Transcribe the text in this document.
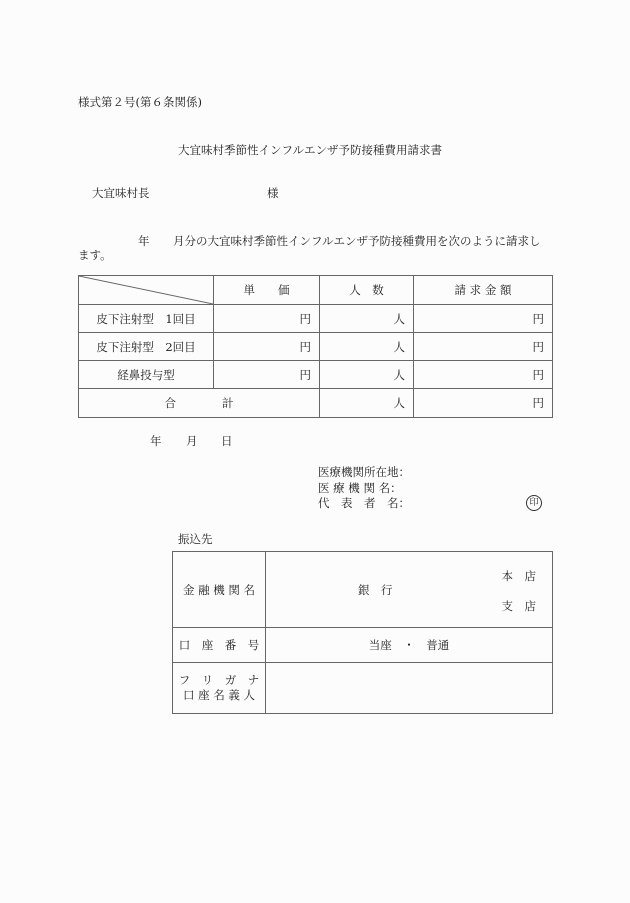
様式第２号(第６条関係)
大宜味村季節性インフルエンザ予防接種費用請求書
大宜味村長	様
年 月分の大宜味村季節性インフルエンザ予防接種費用を次のように請求し
ます。
	単　　価	人　数	請 求 金 額
皮下注射型　1回目	円	人	円
皮下注射型　2回目	円	人	円
経鼻投与型	円	人	円
合　　　　計		人	円
年 月 日
医療機関所在地：
医 療 機 関 名：
代　表　者　名：	印
振込先
金 融 機 関 名	銀　行
本　店
支　店

口　座　番　号	当座　・　普通

フ　リ　ガ　ナ
口 座 名 義 人	
